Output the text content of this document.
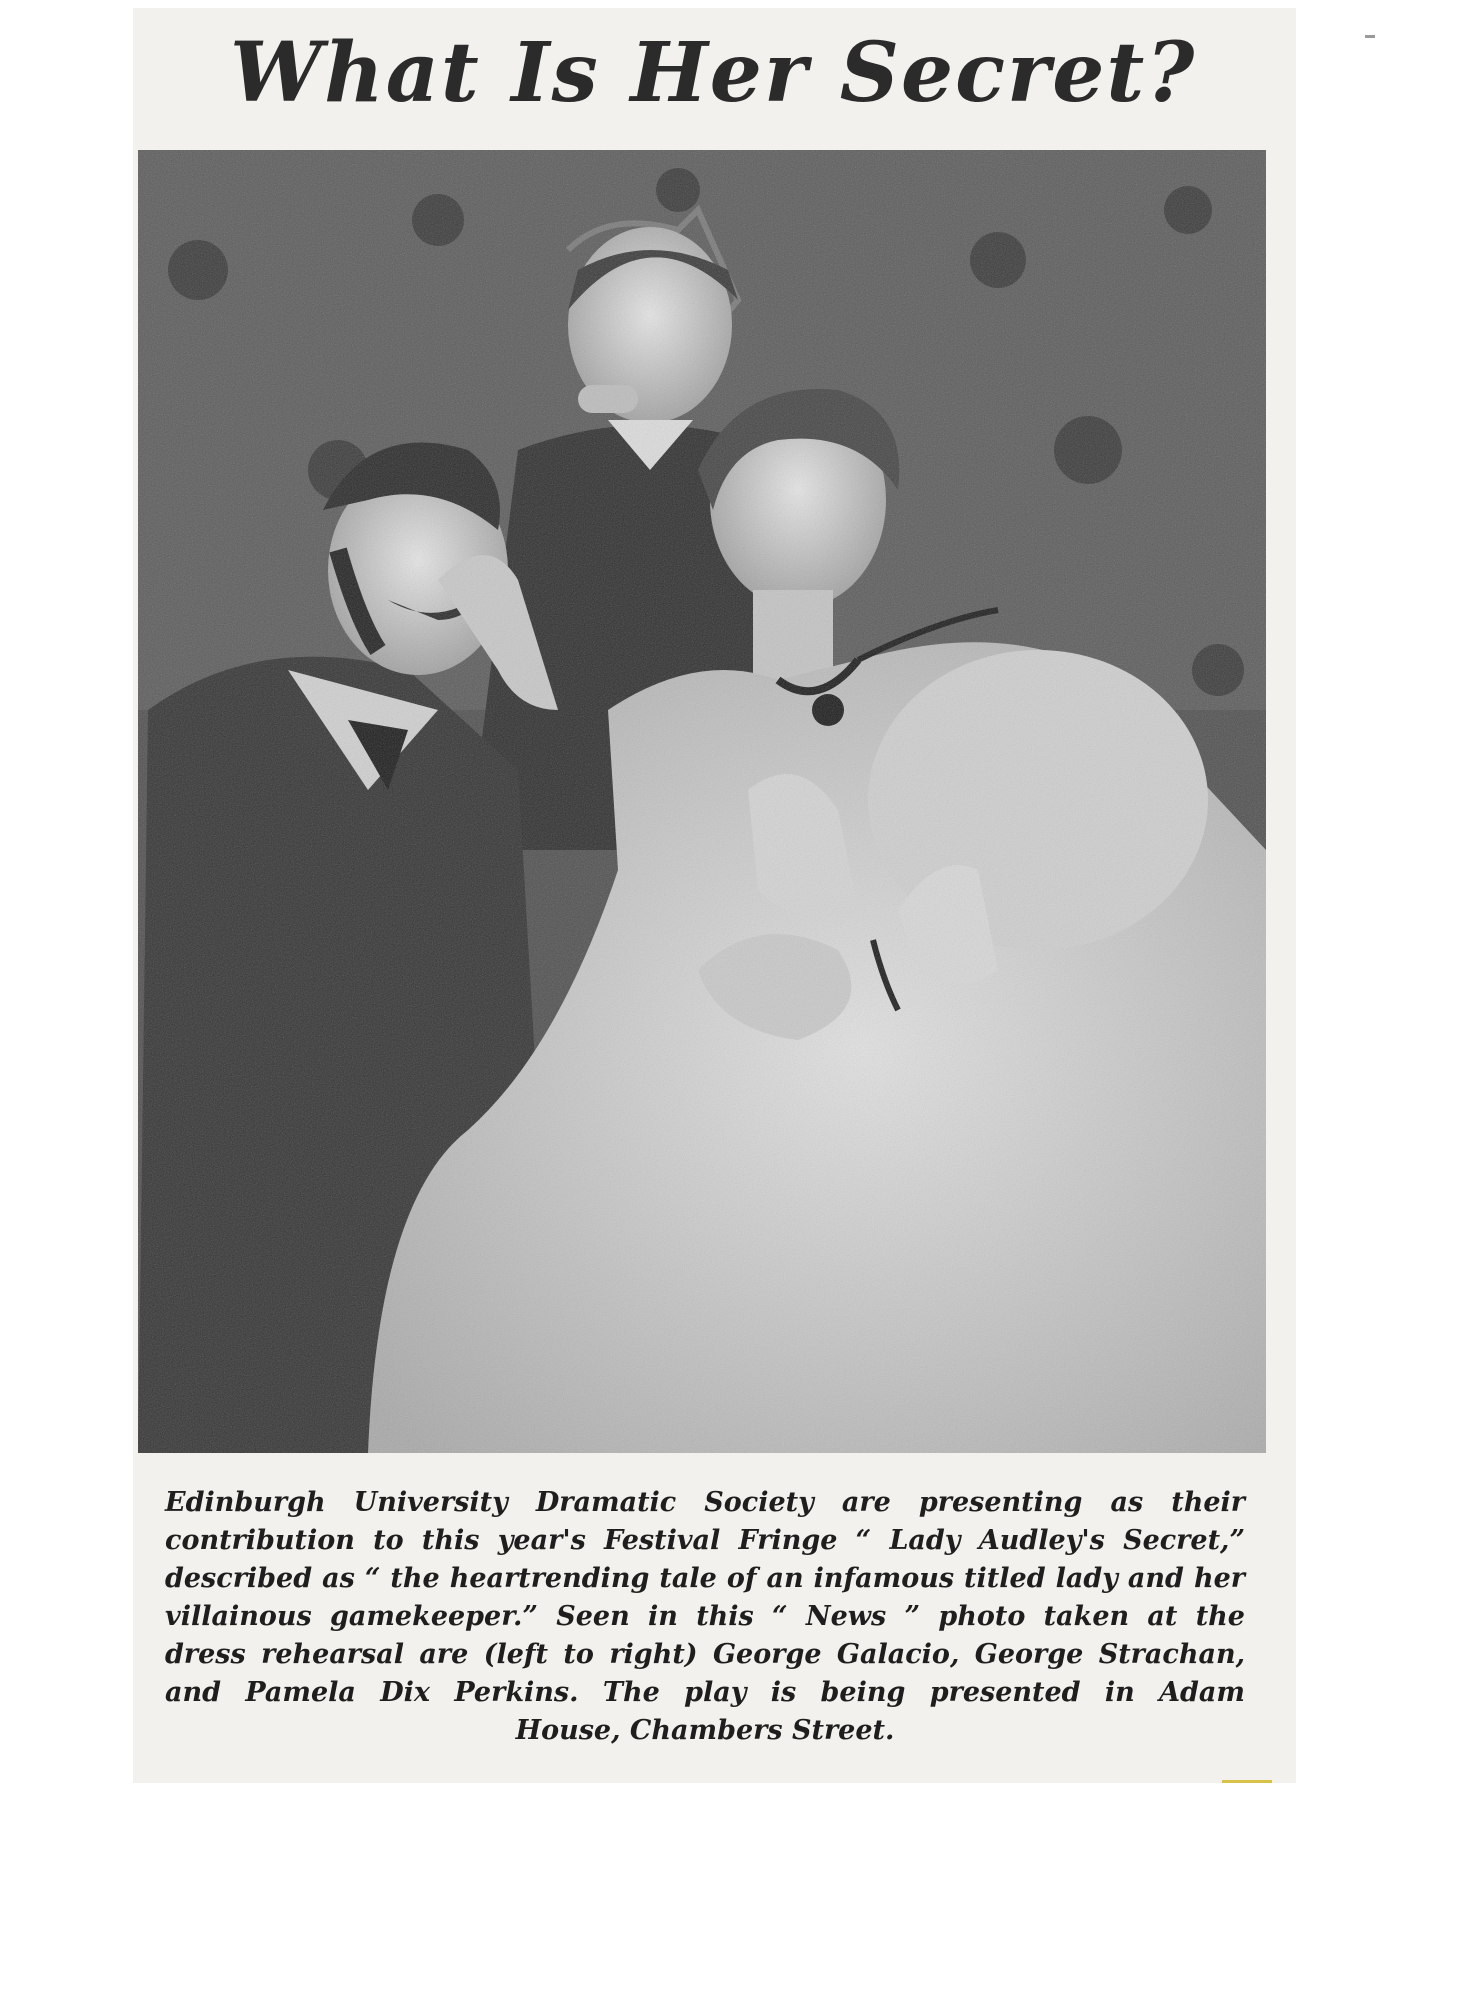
What Is Her Secret?
Edinburgh University Dramatic Society are presenting as their
contribution to this year's Festival Fringe “ Lady Audley's Secret,”
described as “ the heartrending tale of an infamous titled lady and her
villainous gamekeeper.” Seen in this “ News ” photo taken at the
dress rehearsal are (left to right) George Galacio, George Strachan,
and Pamela Dix Perkins. The play is being presented in Adam
House, Chambers Street.
